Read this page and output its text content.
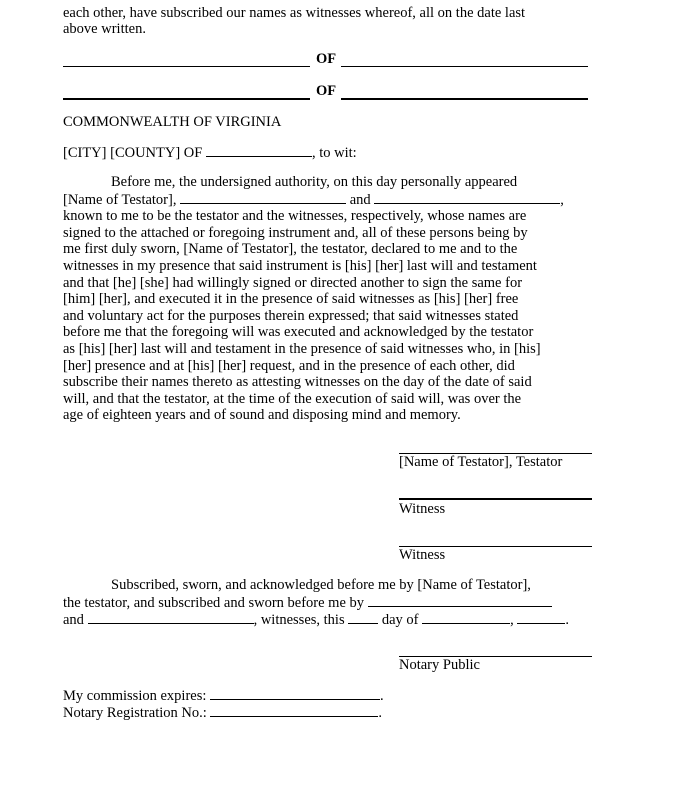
each other, have subscribed our names as witnesses whereof, all on the date last
above written.
OF
OF
COMMONWEALTH OF VIRGINIA
[CITY] [COUNTY] OF	, to wit:
Before me, the undersigned authority, on this day personally appeared
[Name of Testator],	and	,
known to me to be the testator and the witnesses, respectively, whose names are
signed to the attached or foregoing instrument and, all of these persons being by
me first duly sworn, [Name of Testator], the testator, declared to me and to the
witnesses in my presence that said instrument is [his] [her] last will and testament
and that [he] [she] had willingly signed or directed another to sign the same for
[him] [her], and executed it in the presence of said witnesses as [his] [her] free
and voluntary act for the purposes therein expressed; that said witnesses stated
before me that the foregoing will was executed and acknowledged by the testator
as [his] [her] last will and testament in the presence of said witnesses who, in [his]
[her] presence and at [his] [her] request, and in the presence of each other, did
subscribe their names thereto as attesting witnesses on the day of the date of said
will, and that the testator, at the time of the execution of said will, was over the
age of eighteen years and of sound and disposing mind and memory.
[Name of Testator], Testator
Witness
Witness
Subscribed, sworn, and acknowledged before me by [Name of Testator],
the testator, and subscribed and sworn before me by
and	, witnesses, this	day of	,	.
Notary Public
My commission expires:	.
Notary Registration No.:	.
